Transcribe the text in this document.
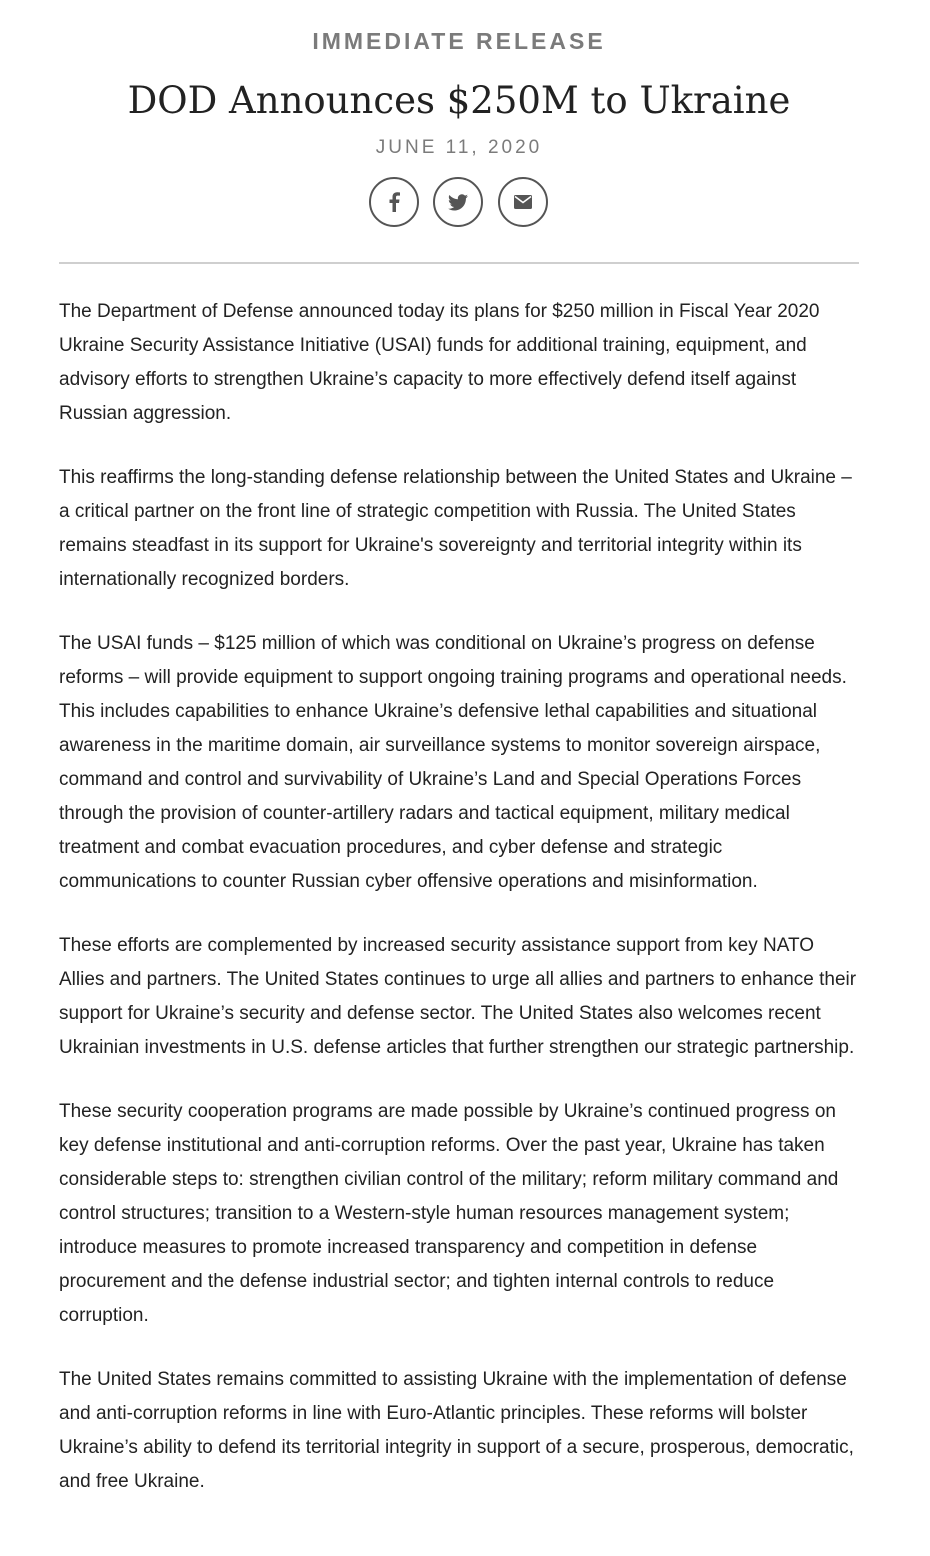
IMMEDIATE RELEASE
DOD Announces $250M to Ukraine
JUNE 11, 2020

The Department of Defense announced today its plans for $250 million in Fiscal Year 2020 Ukraine Security Assistance Initiative (USAI) funds for additional training, equipment, and advisory efforts to strengthen Ukraine’s capacity to more effectively defend itself against Russian aggression.

This reaffirms the long-standing defense relationship between the United States and Ukraine – a critical partner on the front line of strategic competition with Russia. The United States remains steadfast in its support for Ukraine's sovereignty and territorial integrity within its internationally recognized borders.

The USAI funds – $125 million of which was conditional on Ukraine’s progress on defense reforms – will provide equipment to support ongoing training programs and operational needs. This includes capabilities to enhance Ukraine’s defensive lethal capabilities and situational awareness in the maritime domain, air surveillance systems to monitor sovereign airspace, command and control and survivability of Ukraine’s Land and Special Operations Forces through the provision of counter-artillery radars and tactical equipment, military medical treatment and combat evacuation procedures, and cyber defense and strategic communications to counter Russian cyber offensive operations and misinformation.

These efforts are complemented by increased security assistance support from key NATO Allies and partners. The United States continues to urge all allies and partners to enhance their support for Ukraine’s security and defense sector. The United States also welcomes recent Ukrainian investments in U.S. defense articles that further strengthen our strategic partnership.

These security cooperation programs are made possible by Ukraine’s continued progress on key defense institutional and anti-corruption reforms. Over the past year, Ukraine has taken considerable steps to: strengthen civilian control of the military; reform military command and control structures; transition to a Western-style human resources management system; introduce measures to promote increased transparency and competition in defense procurement and the defense industrial sector; and tighten internal controls to reduce corruption.

The United States remains committed to assisting Ukraine with the implementation of defense and anti-corruption reforms in line with Euro-Atlantic principles. These reforms will bolster Ukraine’s ability to defend its territorial integrity in support of a secure, prosperous, democratic, and free Ukraine.
